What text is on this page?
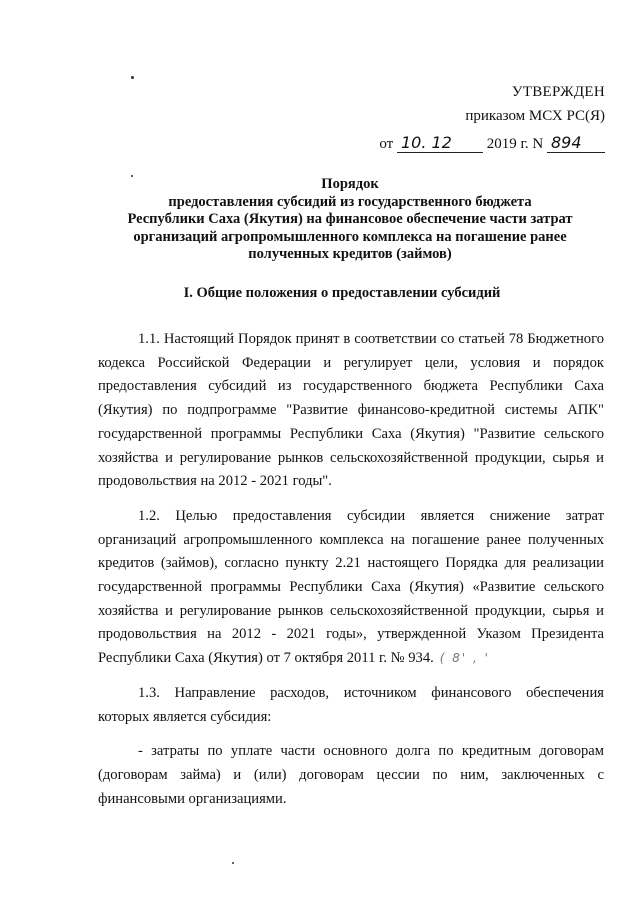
УТВЕРЖДЕН
приказом МСХ РС(Я)
от 10. 12 2019 г. N 894
Порядок
предоставления субсидий из государственного бюджета
Республики Саха (Якутия) на финансовое обеспечение части затрат
организаций агропромышленного комплекса на погашение ранее
полученных кредитов (займов)
I. Общие положения о предоставлении субсидий

1.1. Настоящий Порядок принят в соответствии со статьей 78 Бюджетного кодекса Российской Федерации и регулирует цели, условия и порядок предоставления субсидий из государственного бюджета Республики Саха (Якутия) по подпрограмме "Развитие финансово-кредитной системы АПК" государственной программы Республики Саха (Якутия) "Развитие сельского хозяйства и регулирование рынков сельскохозяйственной продукции, сырья и продовольствия на 2012 - 2021 годы".

1.2. Целью предоставления субсидии является снижение затрат организаций агропромышленного комплекса на погашение ранее полученных кредитов (займов), согласно пункту 2.21 настоящего Порядка для реализации государственной программы Республики Саха (Якутия) «Развитие сельского хозяйства и регулирование рынков сельскохозяйственной продукции, сырья и продовольствия на 2012 - 2021 годы», утвержденной Указом Президента Республики Саха (Якутия) от 7 октября 2011 г. № 934. ( 8' , '

1.3. Направление расходов, источником финансового обеспечения которых является субсидия:

- затраты по уплате части основного долга по кредитным договорам (договорам займа) и (или) договорам цессии по ним, заключенных с финансовыми организациями.
